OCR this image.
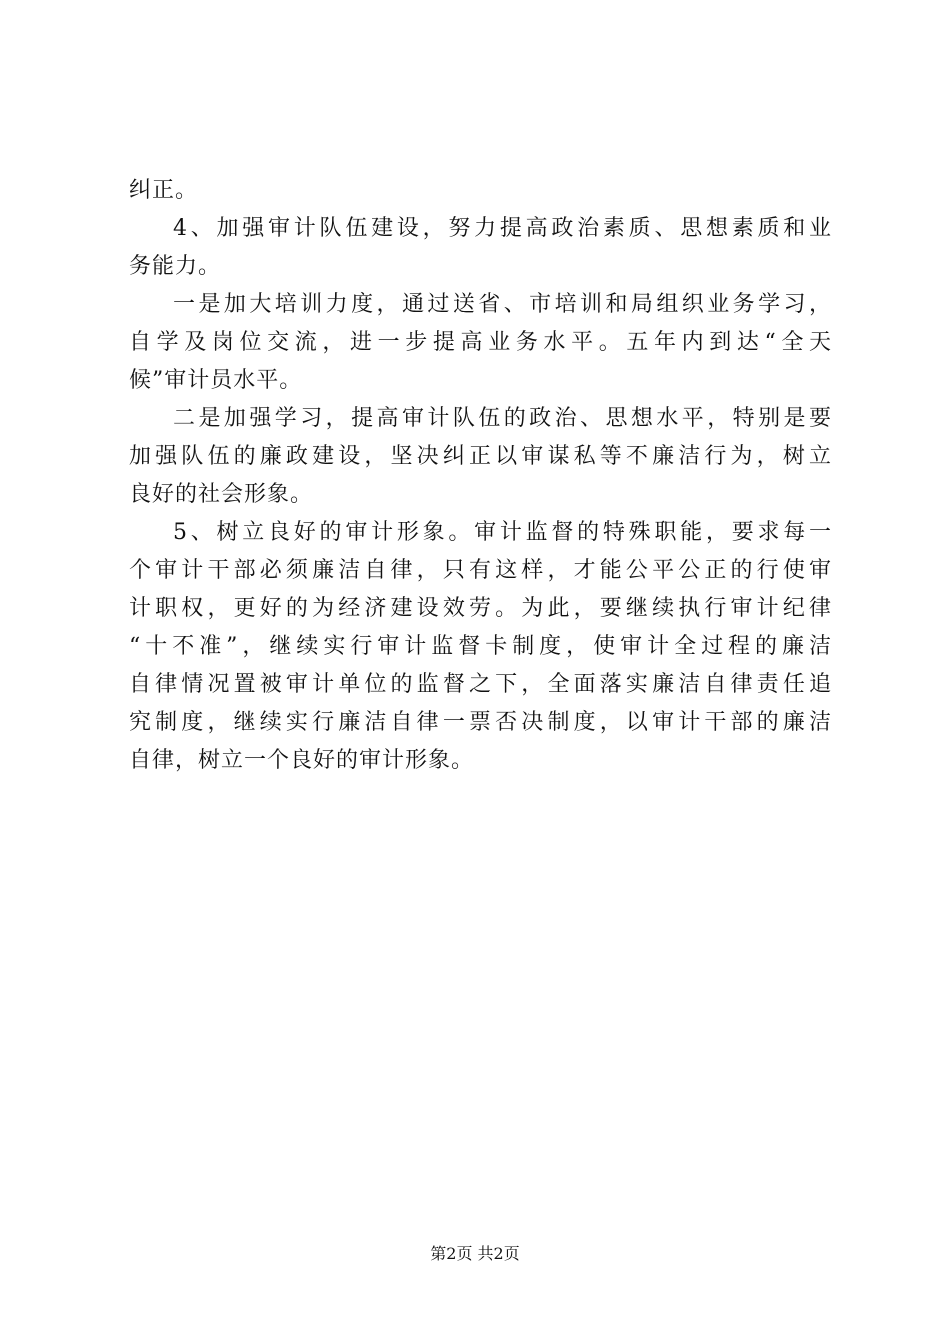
纠正。
4、加强审计队伍建设，努力提高政治素质、思想素质和业
务能力。
一是加大培训力度，通过送省、市培训和局组织业务学习，
自学及岗位交流，进一步提高业务水平。五年内到达“全天
候”审计员水平。
二是加强学习，提高审计队伍的政治、思想水平，特别是要
加强队伍的廉政建设，坚决纠正以审谋私等不廉洁行为，树立
良好的社会形象。
5、树立良好的审计形象。审计监督的特殊职能，要求每一
个审计干部必须廉洁自律，只有这样，才能公平公正的行使审
计职权，更好的为经济建设效劳。为此，要继续执行审计纪律
“十不准”，继续实行审计监督卡制度，使审计全过程的廉洁
自律情况置被审计单位的监督之下，全面落实廉洁自律责任追
究制度，继续实行廉洁自律一票否决制度，以审计干部的廉洁
自律，树立一个良好的审计形象。
第2页 共2页
